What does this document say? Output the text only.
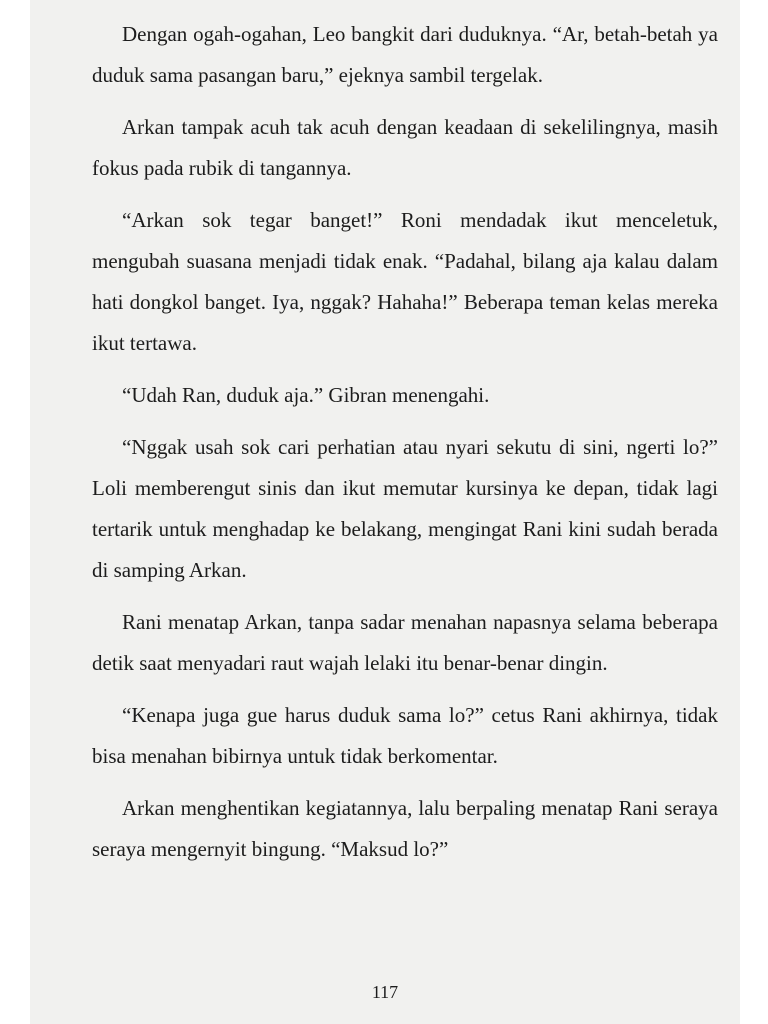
Dengan ogah-ogahan, Leo bangkit dari duduknya. “Ar, betah-betah ya duduk sama pasangan baru,” ejeknya sambil tergelak.

Arkan tampak acuh tak acuh dengan keadaan di sekelilingnya, masih fokus pada rubik di tangannya.

“Arkan sok tegar banget!” Roni mendadak ikut menceletuk, mengubah suasana menjadi tidak enak. “Padahal, bilang aja kalau dalam hati dongkol banget. Iya, nggak? Hahaha!” Beberapa teman kelas mereka ikut tertawa.

“Udah Ran, duduk aja.” Gibran menengahi.

“Nggak usah sok cari perhatian atau nyari sekutu di sini, ngerti lo?” Loli memberengut sinis dan ikut memutar kursinya ke depan, tidak lagi tertarik untuk menghadap ke belakang, mengingat Rani kini sudah berada di samping Arkan.

Rani menatap Arkan, tanpa sadar menahan napasnya selama beberapa detik saat menyadari raut wajah lelaki itu benar-benar dingin.

“Kenapa juga gue harus duduk sama lo?” cetus Rani akhirnya, tidak bisa menahan bibirnya untuk tidak berkomentar.

Arkan menghentikan kegiatannya, lalu berpaling menatap Rani seraya seraya mengernyit bingung. “Maksud lo?”

117
